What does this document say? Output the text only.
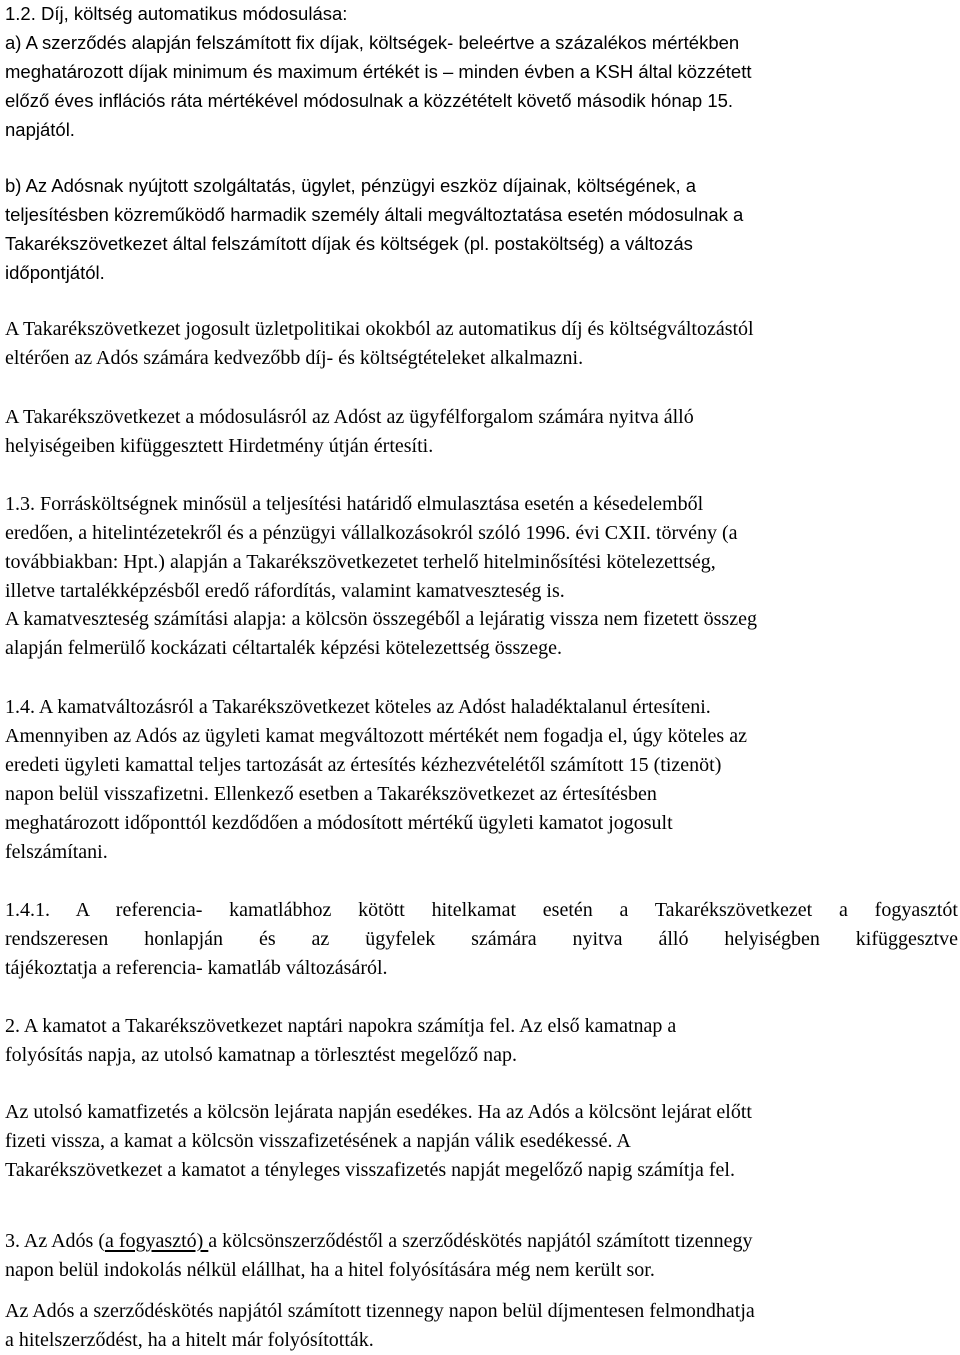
1.2. Díj, költség automatikus módosulása:
a) A szerződés alapján felszámított fix díjak, költségek- beleértve a százalékos mértékben
meghatározott díjak minimum és maximum értékét is – minden évben a KSH által közzétett
előző éves inflációs ráta mértékével módosulnak a közzétételt követő második hónap 15.
napjától.
b) Az Adósnak nyújtott szolgáltatás, ügylet, pénzügyi eszköz díjainak, költségének, a
teljesítésben közreműködő harmadik személy általi megváltoztatása esetén módosulnak a
Takarékszövetkezet által felszámított díjak és költségek (pl. postaköltség) a változás
időpontjától.
A Takarékszövetkezet jogosult üzletpolitikai okokból az automatikus díj és költségváltozástól
eltérően az Adós számára kedvezőbb díj- és költségtételeket alkalmazni.
A Takarékszövetkezet a módosulásról az Adóst az ügyfélforgalom számára nyitva álló
helyiségeiben kifüggesztett Hirdetmény útján értesíti.
1.3. Forrásköltségnek minősül a teljesítési határidő elmulasztása esetén a késedelemből
eredően, a hitelintézetekről és a pénzügyi vállalkozásokról szóló 1996. évi CXII. törvény (a
továbbiakban: Hpt.) alapján a Takarékszövetkezetet terhelő hitelminősítési kötelezettség,
illetve tartalékképzésből eredő ráfordítás, valamint kamatveszteség is.
A kamatveszteség számítási alapja: a kölcsön összegéből a lejáratig vissza nem fizetett összeg
alapján felmerülő kockázati céltartalék képzési kötelezettség összege.
1.4. A kamatváltozásról a Takarékszövetkezet köteles az Adóst haladéktalanul értesíteni.
Amennyiben az Adós az ügyleti kamat megváltozott mértékét nem fogadja el, úgy köteles az
eredeti ügyleti kamattal teljes tartozását az értesítés kézhezvételétől számított 15 (tizenöt)
napon belül visszafizetni. Ellenkező esetben a Takarékszövetkezet az értesítésben
meghatározott időponttól kezdődően a módosított mértékű ügyleti kamatot jogosult
felszámítani.
1.4.1. A referencia- kamatlábhoz kötött hitelkamat esetén a Takarékszövetkezet a fogyasztót
rendszeresen honlapján és az ügyfelek számára nyitva álló helyiségben kifüggesztve
tájékoztatja a referencia- kamatláb változásáról.
2. A kamatot a Takarékszövetkezet naptári napokra számítja fel. Az első kamatnap a
folyósítás napja, az utolsó kamatnap a törlesztést megelőző nap.
Az utolsó kamatfizetés a kölcsön lejárata napján esedékes. Ha az Adós a kölcsönt lejárat előtt
fizeti vissza, a kamat a kölcsön visszafizetésének a napján válik esedékessé. A
Takarékszövetkezet a kamatot a tényleges visszafizetés napját megelőző napig számítja fel.
3. Az Adós (a fogyasztó) a kölcsönszerződéstől a szerződéskötés napjától számított tizennegy
napon belül indokolás nélkül elállhat, ha a hitel folyósítására még nem került sor.
Az Adós a szerződéskötés napjától számított tizennegy napon belül díjmentesen felmondhatja
a hitelszerződést, ha a hitelt már folyósították.
